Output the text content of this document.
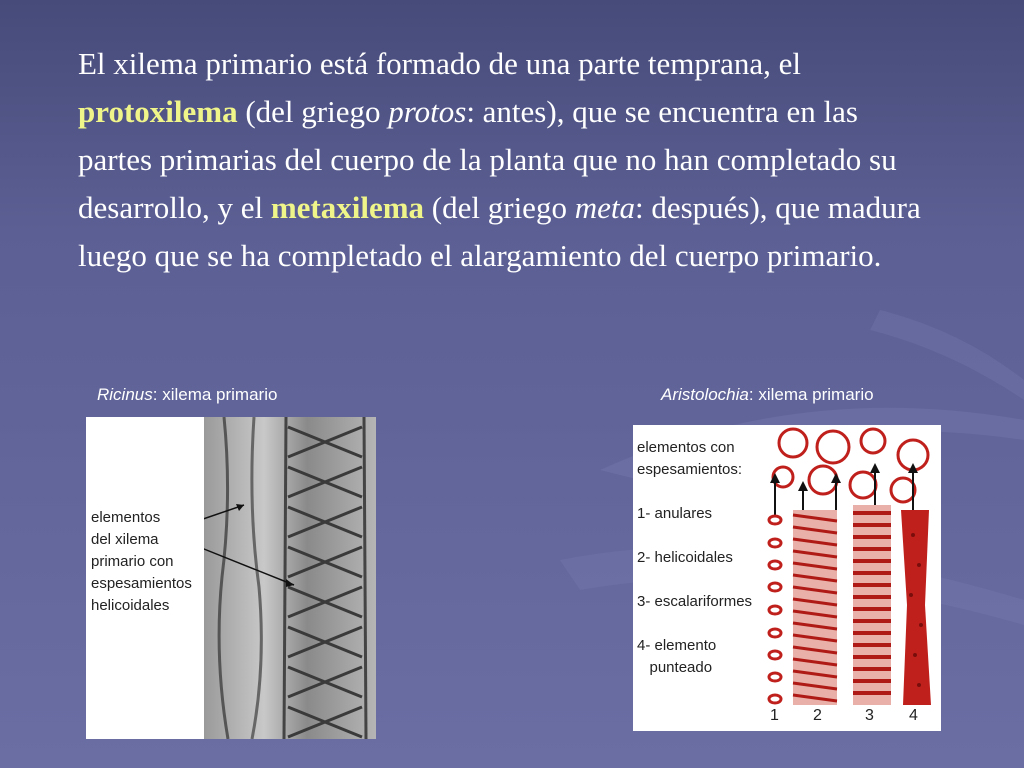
El xilema primario está formado de una parte temprana, el protoxilema (del griego protos: antes), que se encuentra en las partes primarias del cuerpo de la planta que no han completado su desarrollo, y el metaxilema (del griego meta: después), que madura luego que se ha completado el alargamiento del cuerpo primario.
Ricinus: xilema primario	Aristolochia: xilema primario
elementos
del xilema
primario con
espesamientos
helicoidales
elementos con
espesamientos:

1- anulares

2- helicoidales

3- escalariformes

4- elemento
punteado
1 2	3 4
